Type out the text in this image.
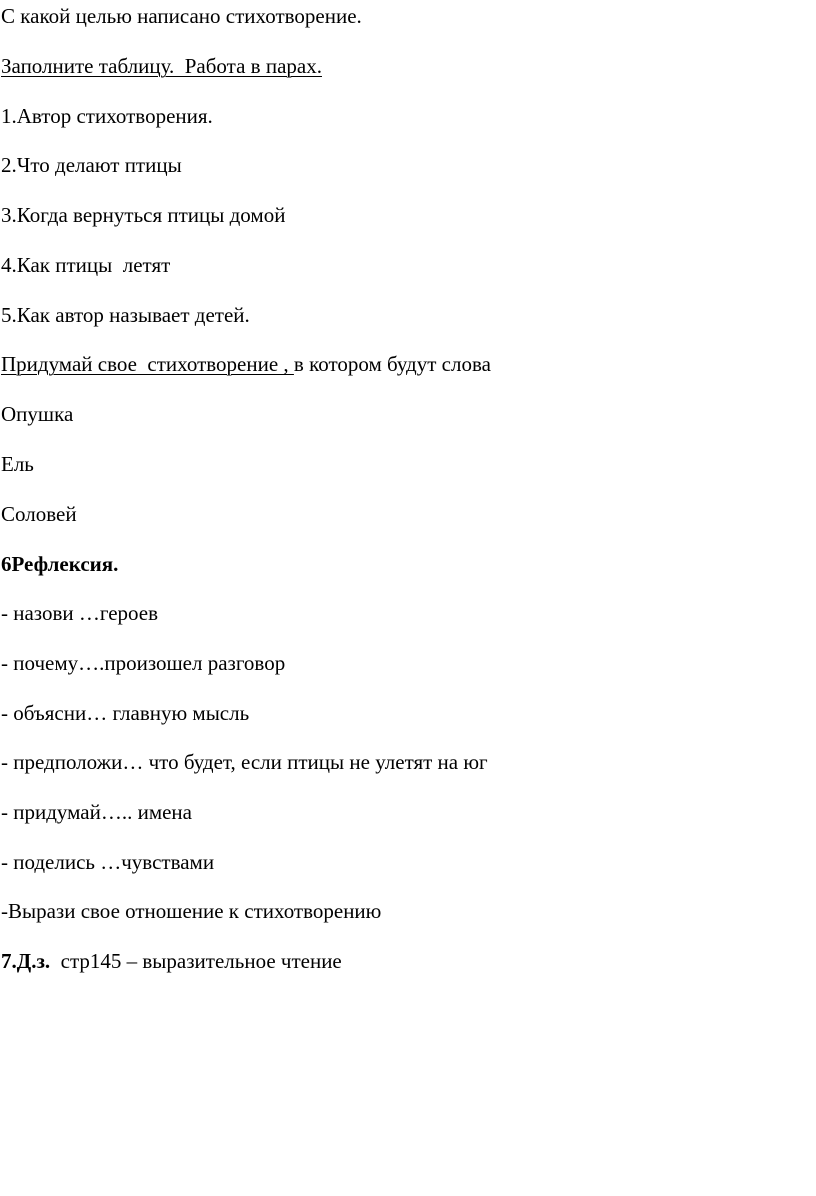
С какой целью написано стихотворение.
Заполните таблицу.  Работа в парах.
1.Автор стихотворения.
2.Что делают птицы
3.Когда вернуться птицы домой
4.Как птицы  летят
5.Как автор называет детей.
Придумай свое  стихотворение , в котором будут слова
Опушка
Ель
Соловей
6Рефлексия.
- назови …героев
- почему….произошел разговор
- объясни… главную мысль
- предположи… что будет, если птицы не улетят на юг
- придумай….. имена
- поделись …чувствами
-Вырази свое отношение к стихотворению
7.Д.з.  стр145 – выразительное чтение
